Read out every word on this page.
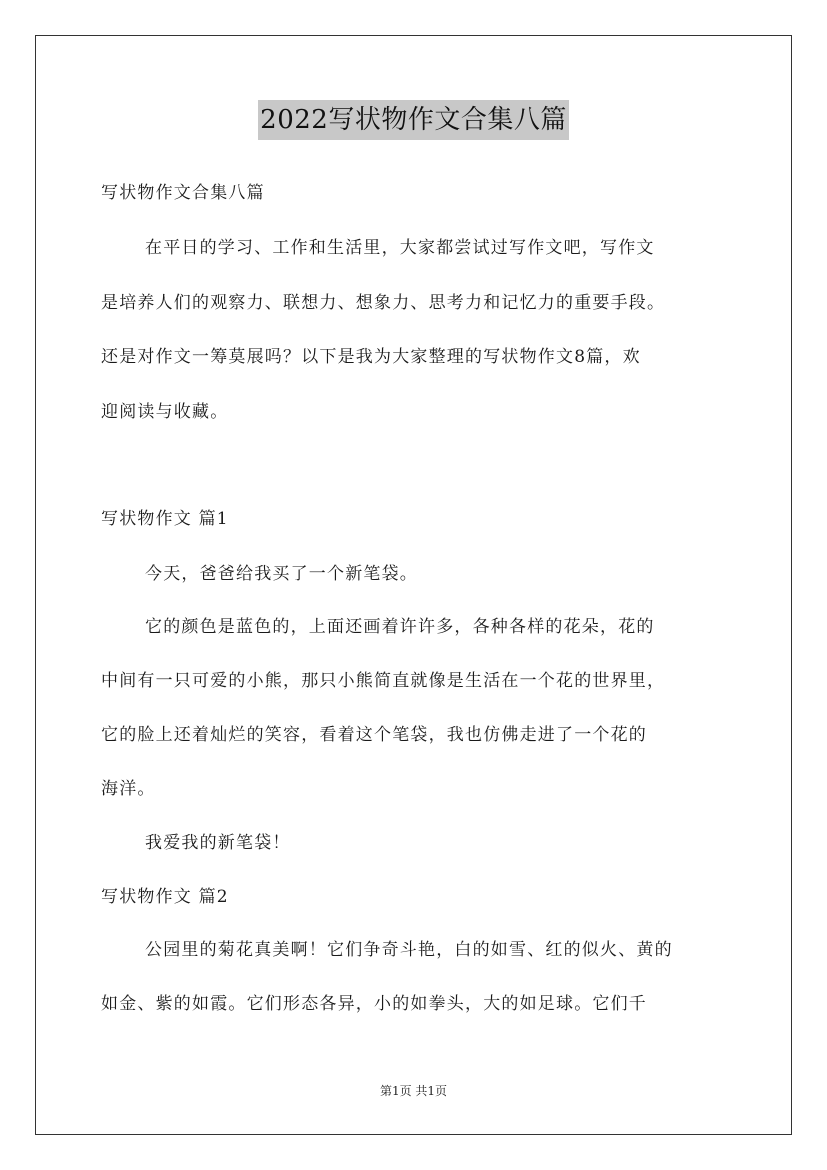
2022写状物作文合集八篇
写状物作文合集八篇
在平日的学习、工作和生活里，大家都尝试过写作文吧，写作文
是培养人们的观察力、联想力、想象力、思考力和记忆力的重要手段。
还是对作文一筹莫展吗？以下是我为大家整理的写状物作文8篇，欢
迎阅读与收藏。
写状物作文 篇1
今天，爸爸给我买了一个新笔袋。
它的颜色是蓝色的，上面还画着许许多，各种各样的花朵，花的
中间有一只可爱的小熊，那只小熊简直就像是生活在一个花的世界里，
它的脸上还着灿烂的笑容，看着这个笔袋，我也仿佛走进了一个花的
海洋。
我爱我的新笔袋！
写状物作文 篇2
公园里的菊花真美啊！它们争奇斗艳，白的如雪、红的似火、黄的
如金、紫的如霞。它们形态各异，小的如拳头，大的如足球。它们千
第1页 共1页
